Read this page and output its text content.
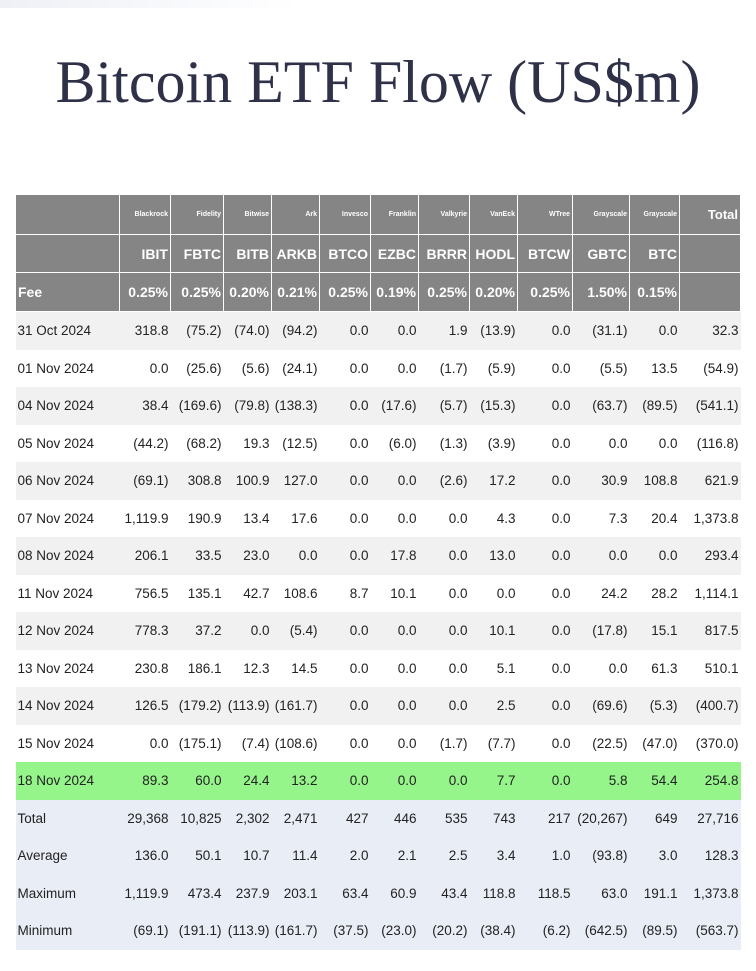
Bitcoin ETF Flow (US$m)
	Blackrock	Fidelity	Bitwise	Ark	Invesco	Franklin	Valkyrie	VanEck	WTree	Grayscale	Grayscale	Total
	IBIT	FBTC	BITB	ARKB	BTCO	EZBC	BRRR	HODL	BTCW	GBTC	BTC	
Fee	0.25%	0.25%	0.20%	0.21%	0.25%	0.19%	0.25%	0.20%	0.25%	1.50%	0.15%	
31 Oct 2024	318.8	(75.2)	(74.0)	(94.2)	0.0	0.0	1.9	(13.9)	0.0	(31.1)	0.0	32.3
01 Nov 2024	0.0	(25.6)	(5.6)	(24.1)	0.0	0.0	(1.7)	(5.9)	0.0	(5.5)	13.5	(54.9)
04 Nov 2024	38.4	(169.6)	(79.8)	(138.3)	0.0	(17.6)	(5.7)	(15.3)	0.0	(63.7)	(89.5)	(541.1)
05 Nov 2024	(44.2)	(68.2)	19.3	(12.5)	0.0	(6.0)	(1.3)	(3.9)	0.0	0.0	0.0	(116.8)
06 Nov 2024	(69.1)	308.8	100.9	127.0	0.0	0.0	(2.6)	17.2	0.0	30.9	108.8	621.9
07 Nov 2024	1,119.9	190.9	13.4	17.6	0.0	0.0	0.0	4.3	0.0	7.3	20.4	1,373.8
08 Nov 2024	206.1	33.5	23.0	0.0	0.0	17.8	0.0	13.0	0.0	0.0	0.0	293.4
11 Nov 2024	756.5	135.1	42.7	108.6	8.7	10.1	0.0	0.0	0.0	24.2	28.2	1,114.1
12 Nov 2024	778.3	37.2	0.0	(5.4)	0.0	0.0	0.0	10.1	0.0	(17.8)	15.1	817.5
13 Nov 2024	230.8	186.1	12.3	14.5	0.0	0.0	0.0	5.1	0.0	0.0	61.3	510.1
14 Nov 2024	126.5	(179.2)	(113.9)	(161.7)	0.0	0.0	0.0	2.5	0.0	(69.6)	(5.3)	(400.7)
15 Nov 2024	0.0	(175.1)	(7.4)	(108.6)	0.0	0.0	(1.7)	(7.7)	0.0	(22.5)	(47.0)	(370.0)
18 Nov 2024	89.3	60.0	24.4	13.2	0.0	0.0	0.0	7.7	0.0	5.8	54.4	254.8
Total	29,368	10,825	2,302	2,471	427	446	535	743	217	(20,267)	649	27,716
Average	136.0	50.1	10.7	11.4	2.0	2.1	2.5	3.4	1.0	(93.8)	3.0	128.3
Maximum	1,119.9	473.4	237.9	203.1	63.4	60.9	43.4	118.8	118.5	63.0	191.1	1,373.8
Minimum	(69.1)	(191.1)	(113.9)	(161.7)	(37.5)	(23.0)	(20.2)	(38.4)	(6.2)	(642.5)	(89.5)	(563.7)
